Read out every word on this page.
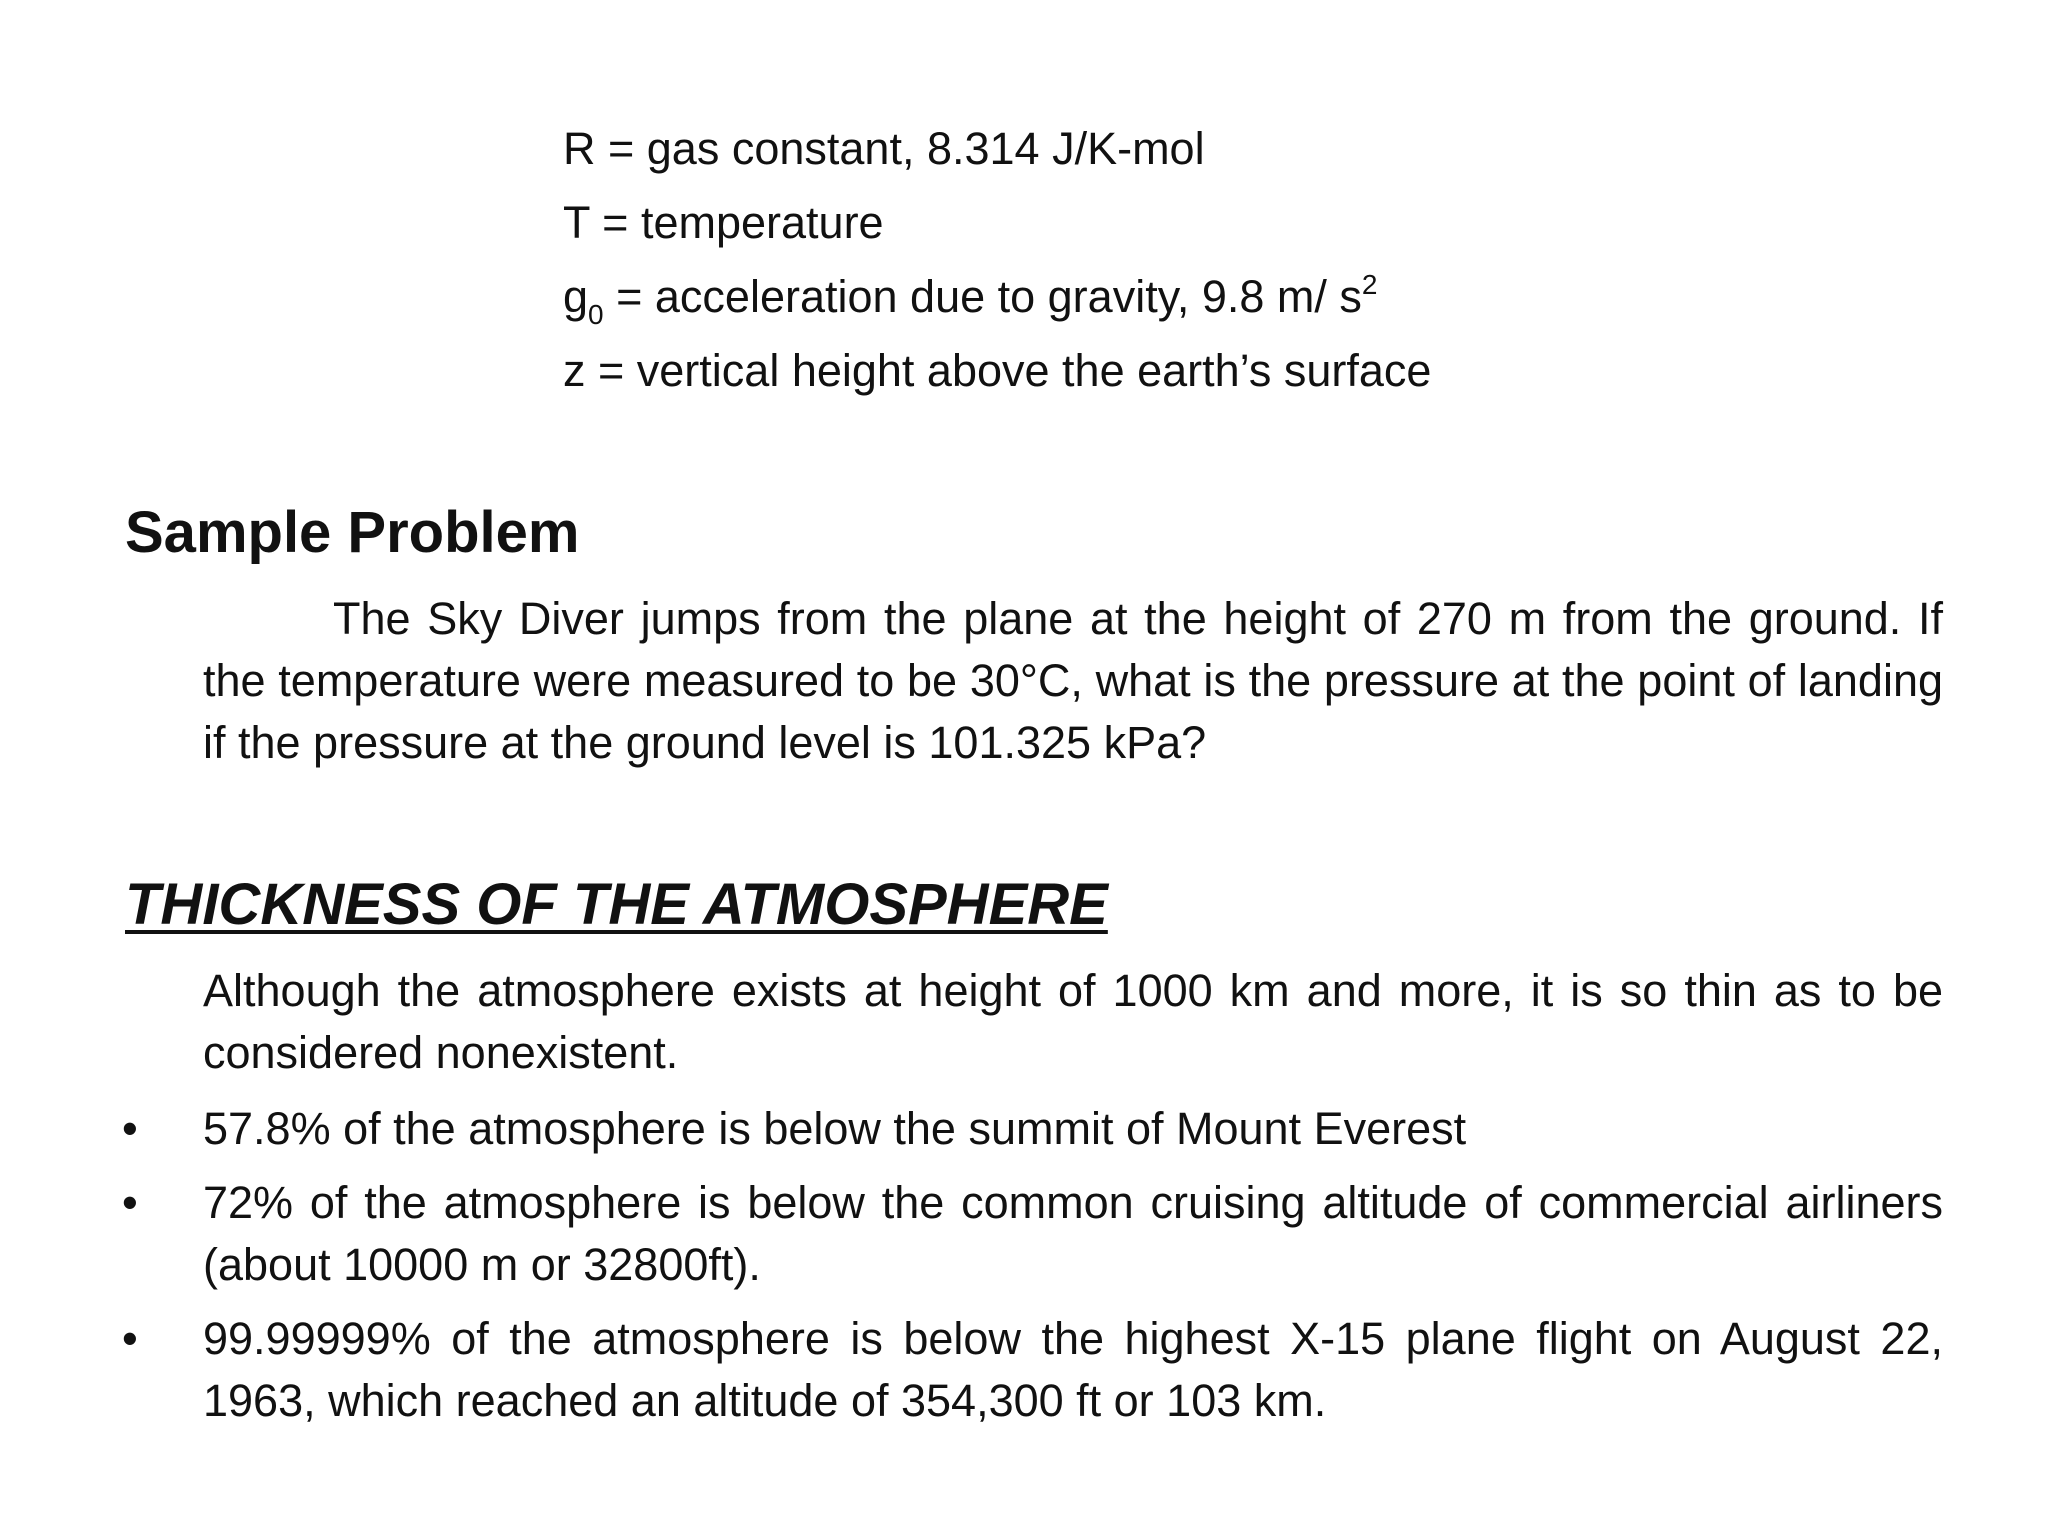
R = gas constant, 8.314 J/K-mol
T = temperature
$g_0$ = acceleration due to gravity, 9.8 m/ $s^2$
z = vertical height above the earth’s surface
Sample Problem
The Sky Diver jumps from the plane at the height of 270 m from the ground. If the temperature were measured to be 30°C, what is the pressure at the point of landing if the pressure at the ground level is 101.325 kPa?
THICKNESS OF THE ATMOSPHERE
Although the atmosphere exists at height of 1000 km and more, it is so thin as to be considered nonexistent.
• 57.8% of the atmosphere is below the summit of Mount Everest
• 72% of the atmosphere is below the common cruising altitude of commercial airliners (about 10000 m or 32800ft).
• 99.99999% of the atmosphere is below the highest X-15 plane flight on August 22, 1963, which reached an altitude of 354,300 ft or 103 km.
